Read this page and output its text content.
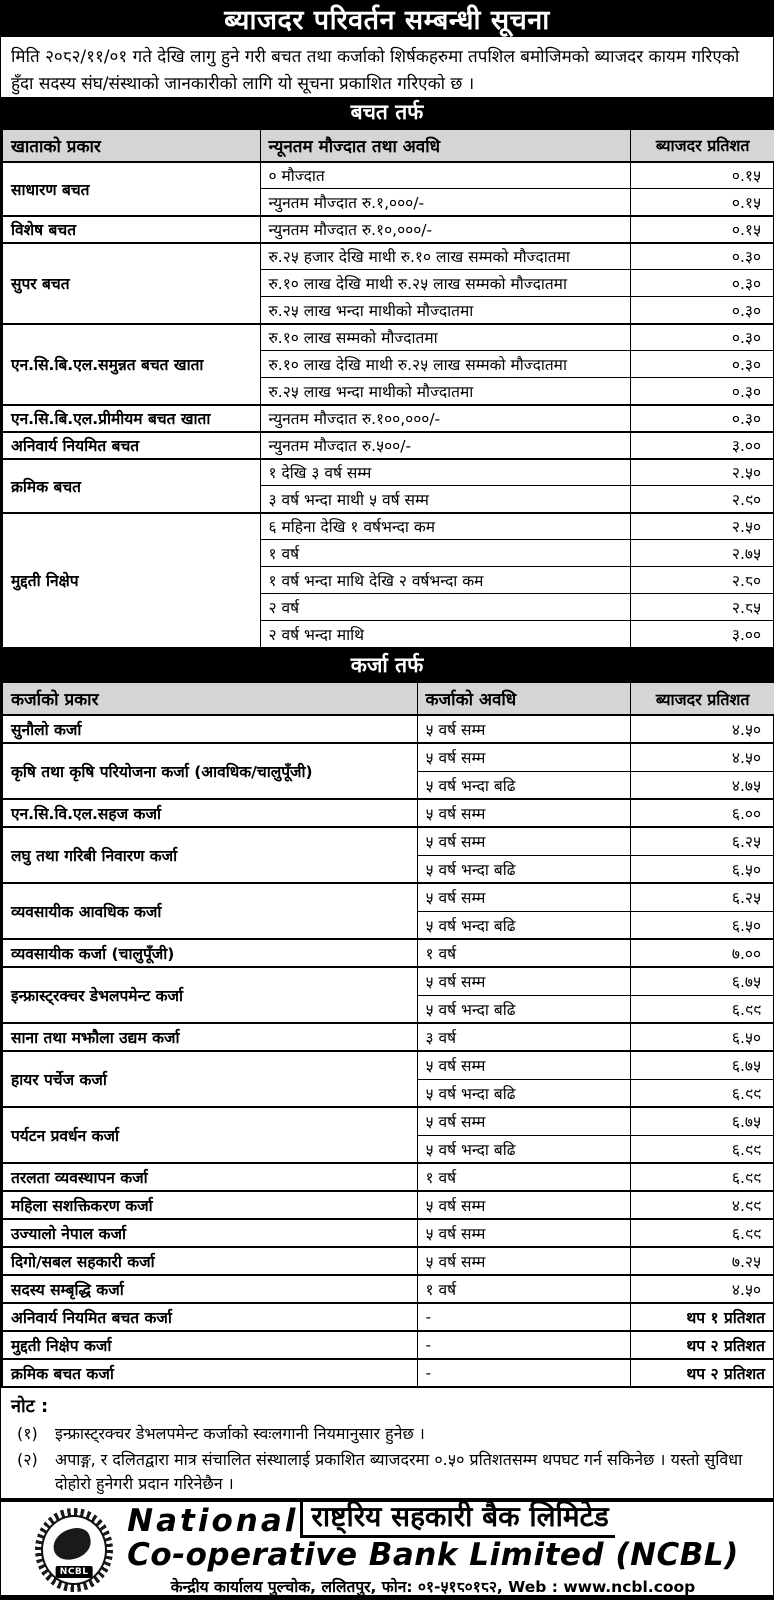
ब्याजदर परिवर्तन सम्बन्धी सूचना
मिति २०८२/११/०१ गते देखि लागु हुने गरी बचत तथा कर्जाको शिर्षकहरुमा तपशिल बमोजिमको ब्याजदर कायम गरिएको हुँदा सदस्य संघ/संस्थाको जानकारीको लागि यो सूचना प्रकाशित गरिएको छ ।
बचत तर्फ
खाताको प्रकार	न्यूनतम मौज्दात तथा अवधि	ब्याजदर प्रतिशत
साधारण बचत	० मौज्दात	०.१५
	न्युनतम मौज्दात रु.१,०००/-	०.१५
विशेष बचत	न्युनतम मौज्दात रु.१०,०००/-	०.१५
सुपर बचत	रु.२५ हजार देखि माथी रु.१० लाख सम्मको मौज्दातमा	०.३०
	रु.१० लाख देखि माथी रु.२५ लाख सम्मको मौज्दातमा	०.३०
	रु.२५ लाख भन्दा माथीको मौज्दातमा	०.३०
एन.सि.बि.एल.समुन्नत बचत खाता	रु.१० लाख सम्मको मौज्दातमा	०.३०
	रु.१० लाख देखि माथी रु.२५ लाख सम्मको मौज्दातमा	०.३०
	रु.२५ लाख भन्दा माथीको मौज्दातमा	०.३०
एन.सि.बि.एल.प्रीमीयम बचत खाता	न्युनतम मौज्दात रु.१००,०००/-	०.३०
अनिवार्य नियमित बचत	न्युनतम मौज्दात रु.५००/-	३.००
क्रमिक बचत	१ देखि ३ वर्ष सम्म	२.५०
	३ वर्ष भन्दा माथी ५ वर्ष सम्म	२.९०
मुद्दती निक्षेप	६ महिना देखि १ वर्षभन्दा कम	२.५०
	१ वर्ष	२.७५
	१ वर्ष भन्दा माथि देखि २ वर्षभन्दा कम	२.८०
	२ वर्ष	२.८५
	२ वर्ष भन्दा माथि	३.००
कर्जा तर्फ
कर्जाको प्रकार	कर्जाको अवधि	ब्याजदर प्रतिशत
सुनौलो कर्जा	५ वर्ष सम्म	४.५०
कृषि तथा कृषि परियोजना कर्जा (आवधिक/चालुपूँजी)	५ वर्ष सम्म	४.५०
	५ वर्ष भन्दा बढि	४.७५
एन.सि.वि.एल.सहज कर्जा	५ वर्ष सम्म	६.००
लघु तथा गरिबी निवारण कर्जा	५ वर्ष सम्म	६.२५
	५ वर्ष भन्दा बढि	६.५०
व्यवसायीक आवधिक कर्जा	५ वर्ष सम्म	६.२५
	५ वर्ष भन्दा बढि	६.५०
व्यवसायीक कर्जा (चालुपूँजी)	१ वर्ष	७.००
इन्फ्रास्ट्रक्चर डेभलपमेन्ट कर्जा	५ वर्ष सम्म	६.७५
	५ वर्ष भन्दा बढि	६.९९
साना तथा मझौला उद्यम कर्जा	३ वर्ष	६.५०
हायर पर्चेज कर्जा	५ वर्ष सम्म	६.७५
	५ वर्ष भन्दा बढि	६.९९
पर्यटन प्रवर्धन कर्जा	५ वर्ष सम्म	६.७५
	५ वर्ष भन्दा बढि	६.९९
तरलता व्यवस्थापन कर्जा	१ वर्ष	६.९९
महिला सशक्तिकरण कर्जा	५ वर्ष सम्म	४.९९
उज्यालो नेपाल कर्जा	५ वर्ष सम्म	६.९९
दिगो/सबल सहकारी कर्जा	५ वर्ष सम्म	७.२५
सदस्य सम्बृद्धि कर्जा	१ वर्ष	४.५०
अनिवार्य नियमित बचत कर्जा	-	थप १ प्रतिशत
मुद्दती निक्षेप कर्जा	-	थप २ प्रतिशत
क्रमिक बचत कर्जा	-	थप २ प्रतिशत
नोट :
(१)	इन्फ्रास्ट्रक्चर डेभलपमेन्ट कर्जाको स्वःलगानी नियमानुसार हुनेछ ।
(२)	अपाङ्ग, र दलितद्वारा मात्र संचालित संस्थालाई प्रकाशित ब्याजदरमा ०.५० प्रतिशतसम्म थपघट गर्न सकिनेछ । यस्तो सुविधा दोहोरो हुनेगरी प्रदान गरिनेछैन ।
NCBL
National राष्ट्रिय सहकारी बैक लिमिटेड
Co-operative Bank Limited (NCBL)
केन्द्रीय कार्यालय पुल्चोक, ललितपुर, फोन: ०१-५१८०१८२, Web : www.ncbl.coop
